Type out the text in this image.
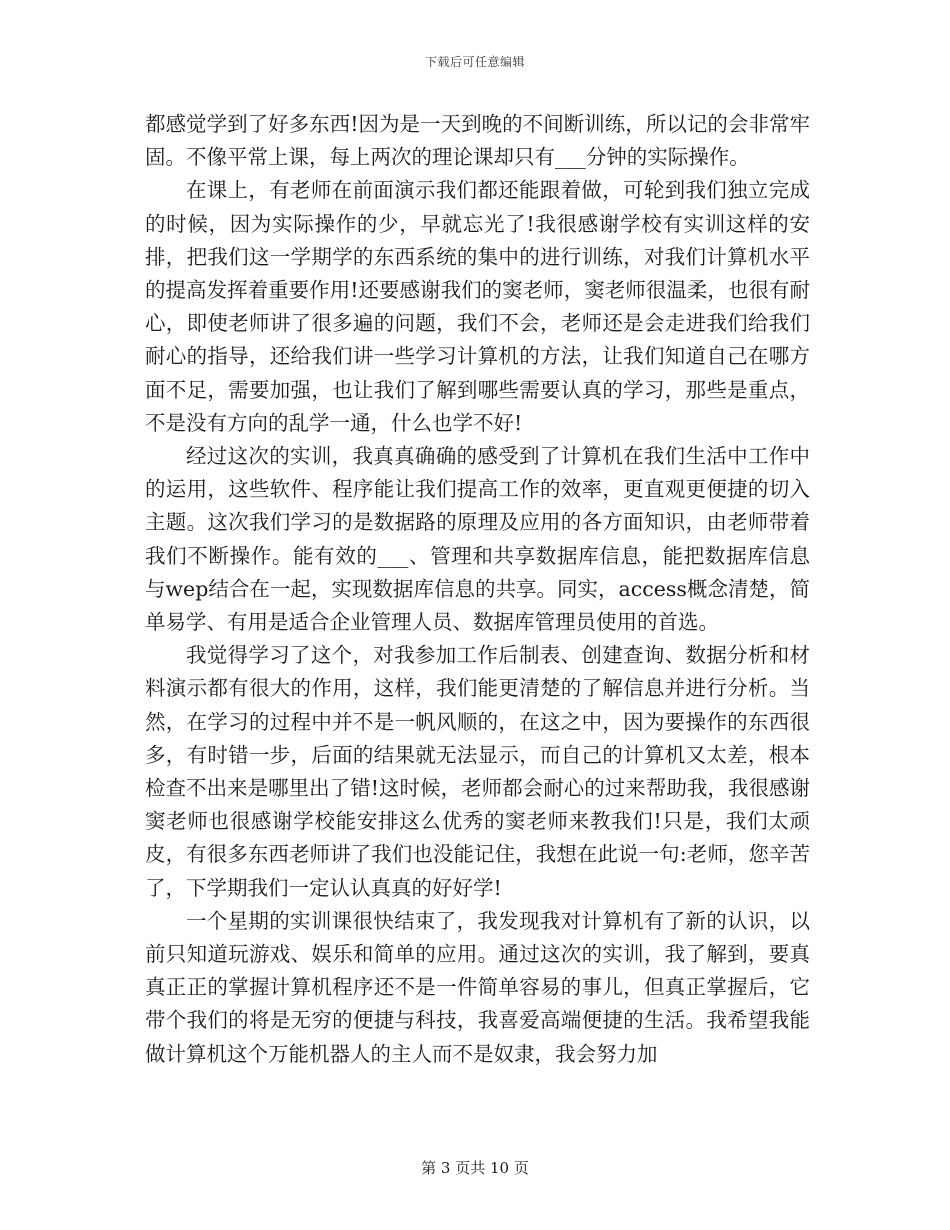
下载后可任意编辑

都感觉学到了好多东西!因为是一天到晚的不间断训练，所以记的会非常牢固。不像平常上课，每上两次的理论课却只有___分钟的实际操作。

在课上，有老师在前面演示我们都还能跟着做，可轮到我们独立完成的时候，因为实际操作的少，早就忘光了!我很感谢学校有实训这样的安排，把我们这一学期学的东西系统的集中的进行训练，对我们计算机水平的提高发挥着重要作用!还要感谢我们的窦老师，窦老师很温柔，也很有耐心，即使老师讲了很多遍的问题，我们不会，老师还是会走进我们给我们耐心的指导，还给我们讲一些学习计算机的方法，让我们知道自己在哪方面不足，需要加强，也让我们了解到哪些需要认真的学习，那些是重点，不是没有方向的乱学一通，什么也学不好!

经过这次的实训，我真真确确的感受到了计算机在我们生活中工作中的运用，这些软件、程序能让我们提高工作的效率，更直观更便捷的切入主题。这次我们学习的是数据路的原理及应用的各方面知识，由老师带着我们不断操作。能有效的___、管理和共享数据库信息，能把数据库信息与wep结合在一起，实现数据库信息的共享。同实，access概念清楚，简单易学、有用是适合企业管理人员、数据库管理员使用的首选。

我觉得学习了这个，对我参加工作后制表、创建查询、数据分析和材料演示都有很大的作用，这样，我们能更清楚的了解信息并进行分析。当然，在学习的过程中并不是一帆风顺的，在这之中，因为要操作的东西很多，有时错一步，后面的结果就无法显示，而自己的计算机又太差，根本检查不出来是哪里出了错!这时候，老师都会耐心的过来帮助我，我很感谢窦老师也很感谢学校能安排这么优秀的窦老师来教我们!只是，我们太顽皮，有很多东西老师讲了我们也没能记住，我想在此说一句:老师，您辛苦了，下学期我们一定认认真真的好好学!

一个星期的实训课很快结束了，我发现我对计算机有了新的认识，以前只知道玩游戏、娱乐和简单的应用。通过这次的实训，我了解到，要真真正正的掌握计算机程序还不是一件简单容易的事儿，但真正掌握后，它带个我们的将是无穷的便捷与科技，我喜爱高端便捷的生活。我希望我能做计算机这个万能机器人的主人而不是奴隶，我会努力加

第 3 页共 10 页
